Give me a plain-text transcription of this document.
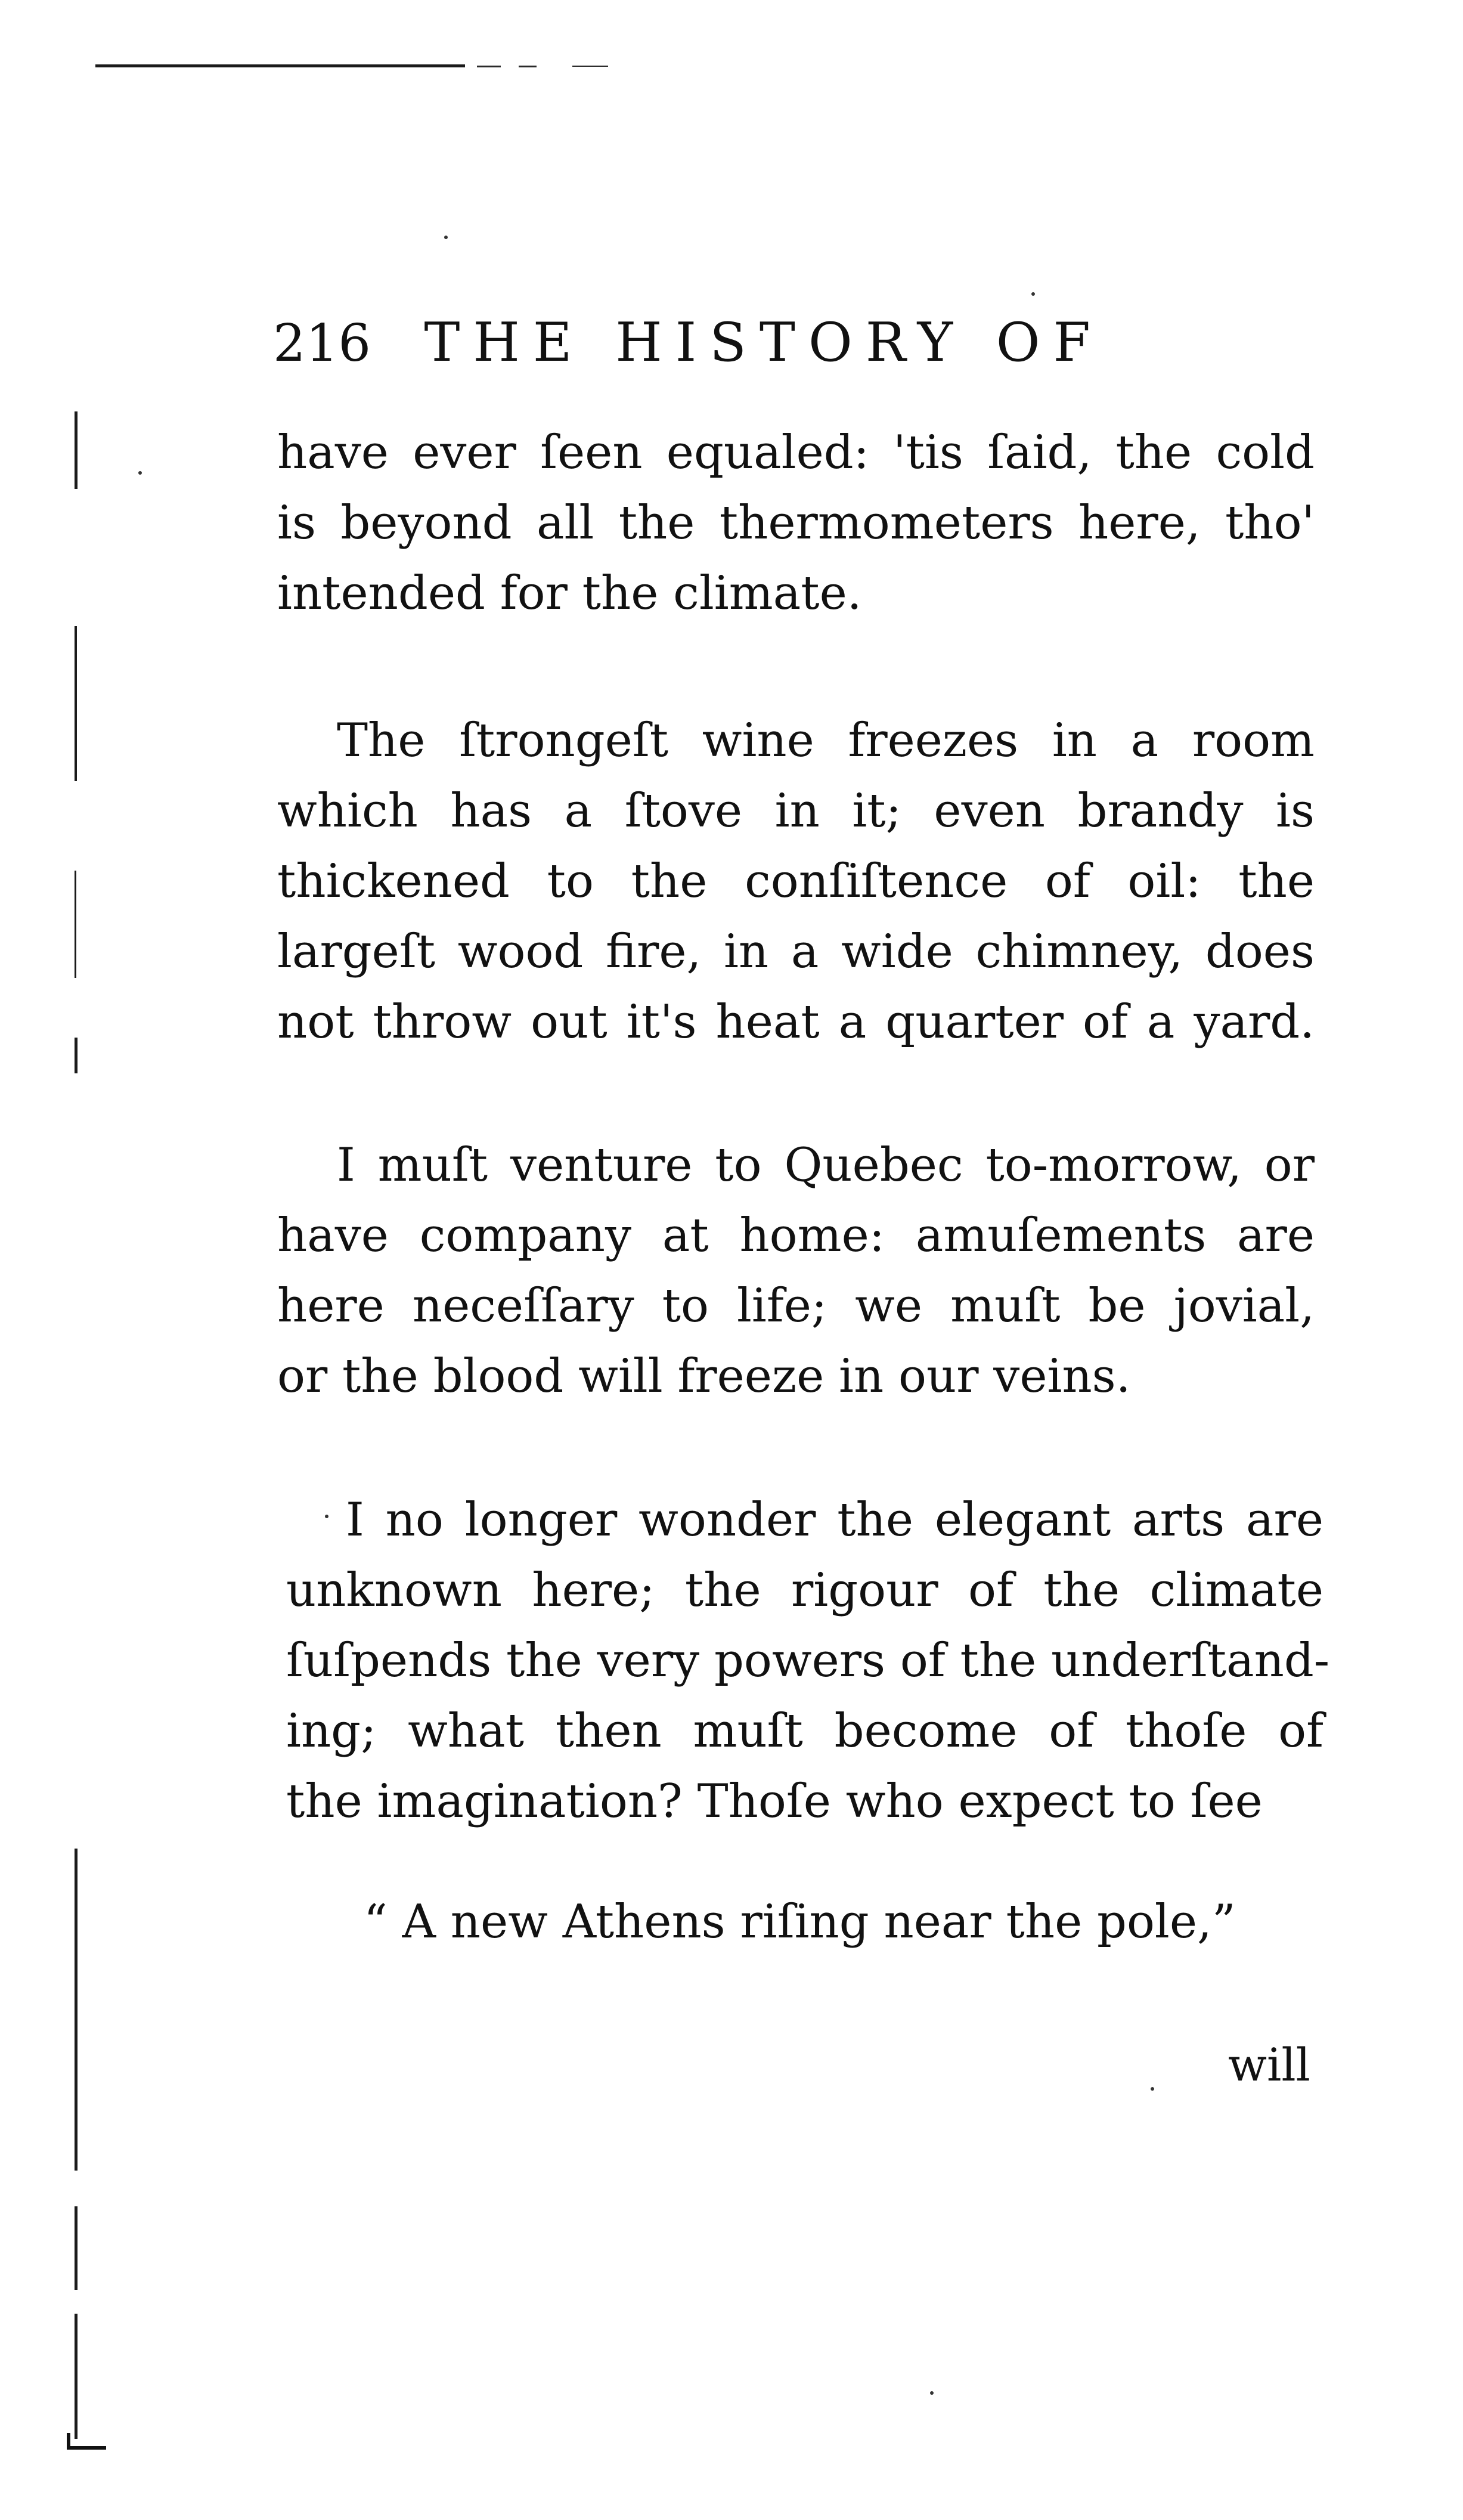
216 THE HISTORY OF
have ever ſeen equaled: 'tis ſaid, the cold
is beyond all the thermometers here, tho'
intended for the climate.
The ſtrongeſt wine freezes in a room
which has a ſtove in it; even brandy is
thickened to the conſiſtence of oil: the
largeſt wood fire, in a wide chimney, does
not throw out it's heat a quarter of a yard.
I muſt venture to Quebec to-morrow, or
have company at home: amuſements are
here neceſſary to life; we muſt be jovial,
or the blood will freeze in our veins.
I no longer wonder the elegant arts are
unknown here; the rigour of the climate
ſuſpends the very powers of the underſtand-
ing; what then muſt become of thoſe of
the imagination? Thoſe who expect to ſee
“ A new Athens riſing near the pole,”
will
